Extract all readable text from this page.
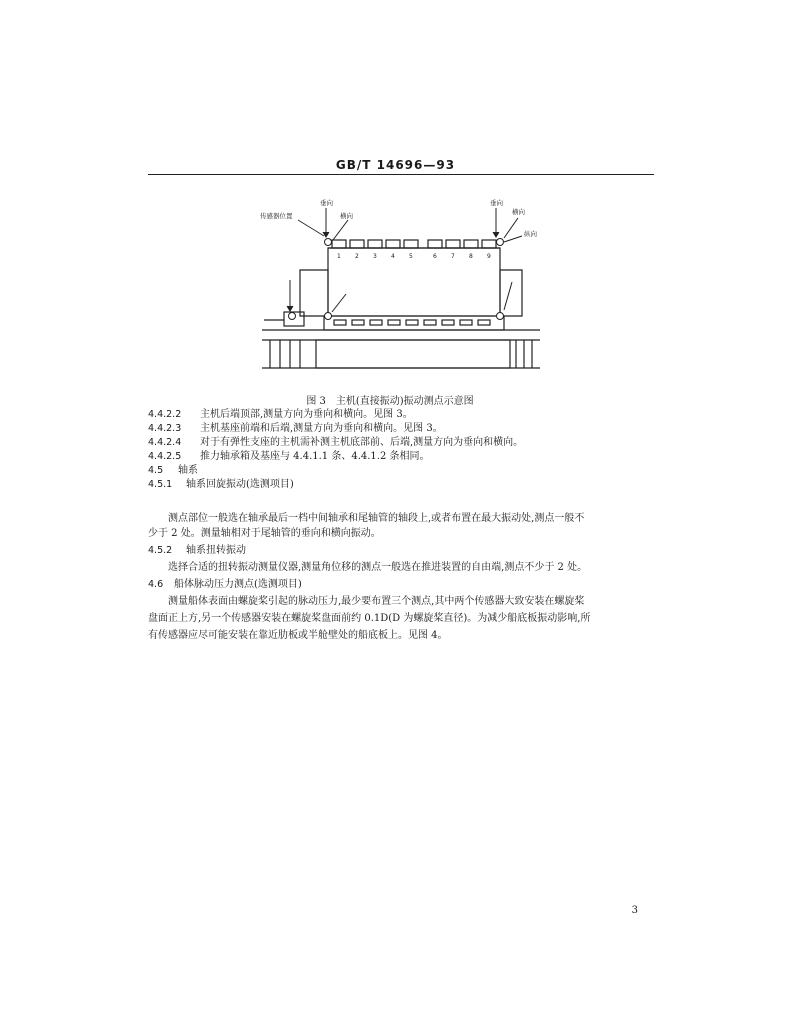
GB/T 14696—93
传感器位置
垂向
横向
垂向
横向
纵向
1 2 3 4 5	6 7 8 9
图 3　主机(直接振动)振动测点示意图
4.4.2.2 主机后端顶部,测量方向为垂向和横向。见图 3。
4.4.2.3 主机基座前端和后端,测量方向为垂向和横向。见图 3。
4.4.2.4 对于有弹性支座的主机需补测主机底部前、后端,测量方向为垂向和横向。
4.4.2.5 推力轴承箱及基座与 4.4.1.1 条、4.4.1.2 条相同。
4.5 轴系
4.5.1 轴系回旋振动(选测项目)
测点部位一般选在轴承最后一档中间轴承和尾轴管的轴段上,或者布置在最大振动处,测点一般不
少于 2 处。测量轴相对于尾轴管的垂向和横向振动。
4.5.2 轴系扭转振动
选择合适的扭转振动测量仪器,测量角位移的测点一般选在推进装置的自由端,测点不少于 2 处。
4.6 船体脉动压力测点(选测项目)
测量船体表面由螺旋桨引起的脉动压力,最少要布置三个测点,其中两个传感器大致安装在螺旋桨
盘面正上方,另一个传感器安装在螺旋桨盘面前约 0.1D(D 为螺旋桨直径)。为减少船底板振动影响,所
有传感器应尽可能安装在靠近肋板或半舱壁处的船底板上。见图 4。
3
